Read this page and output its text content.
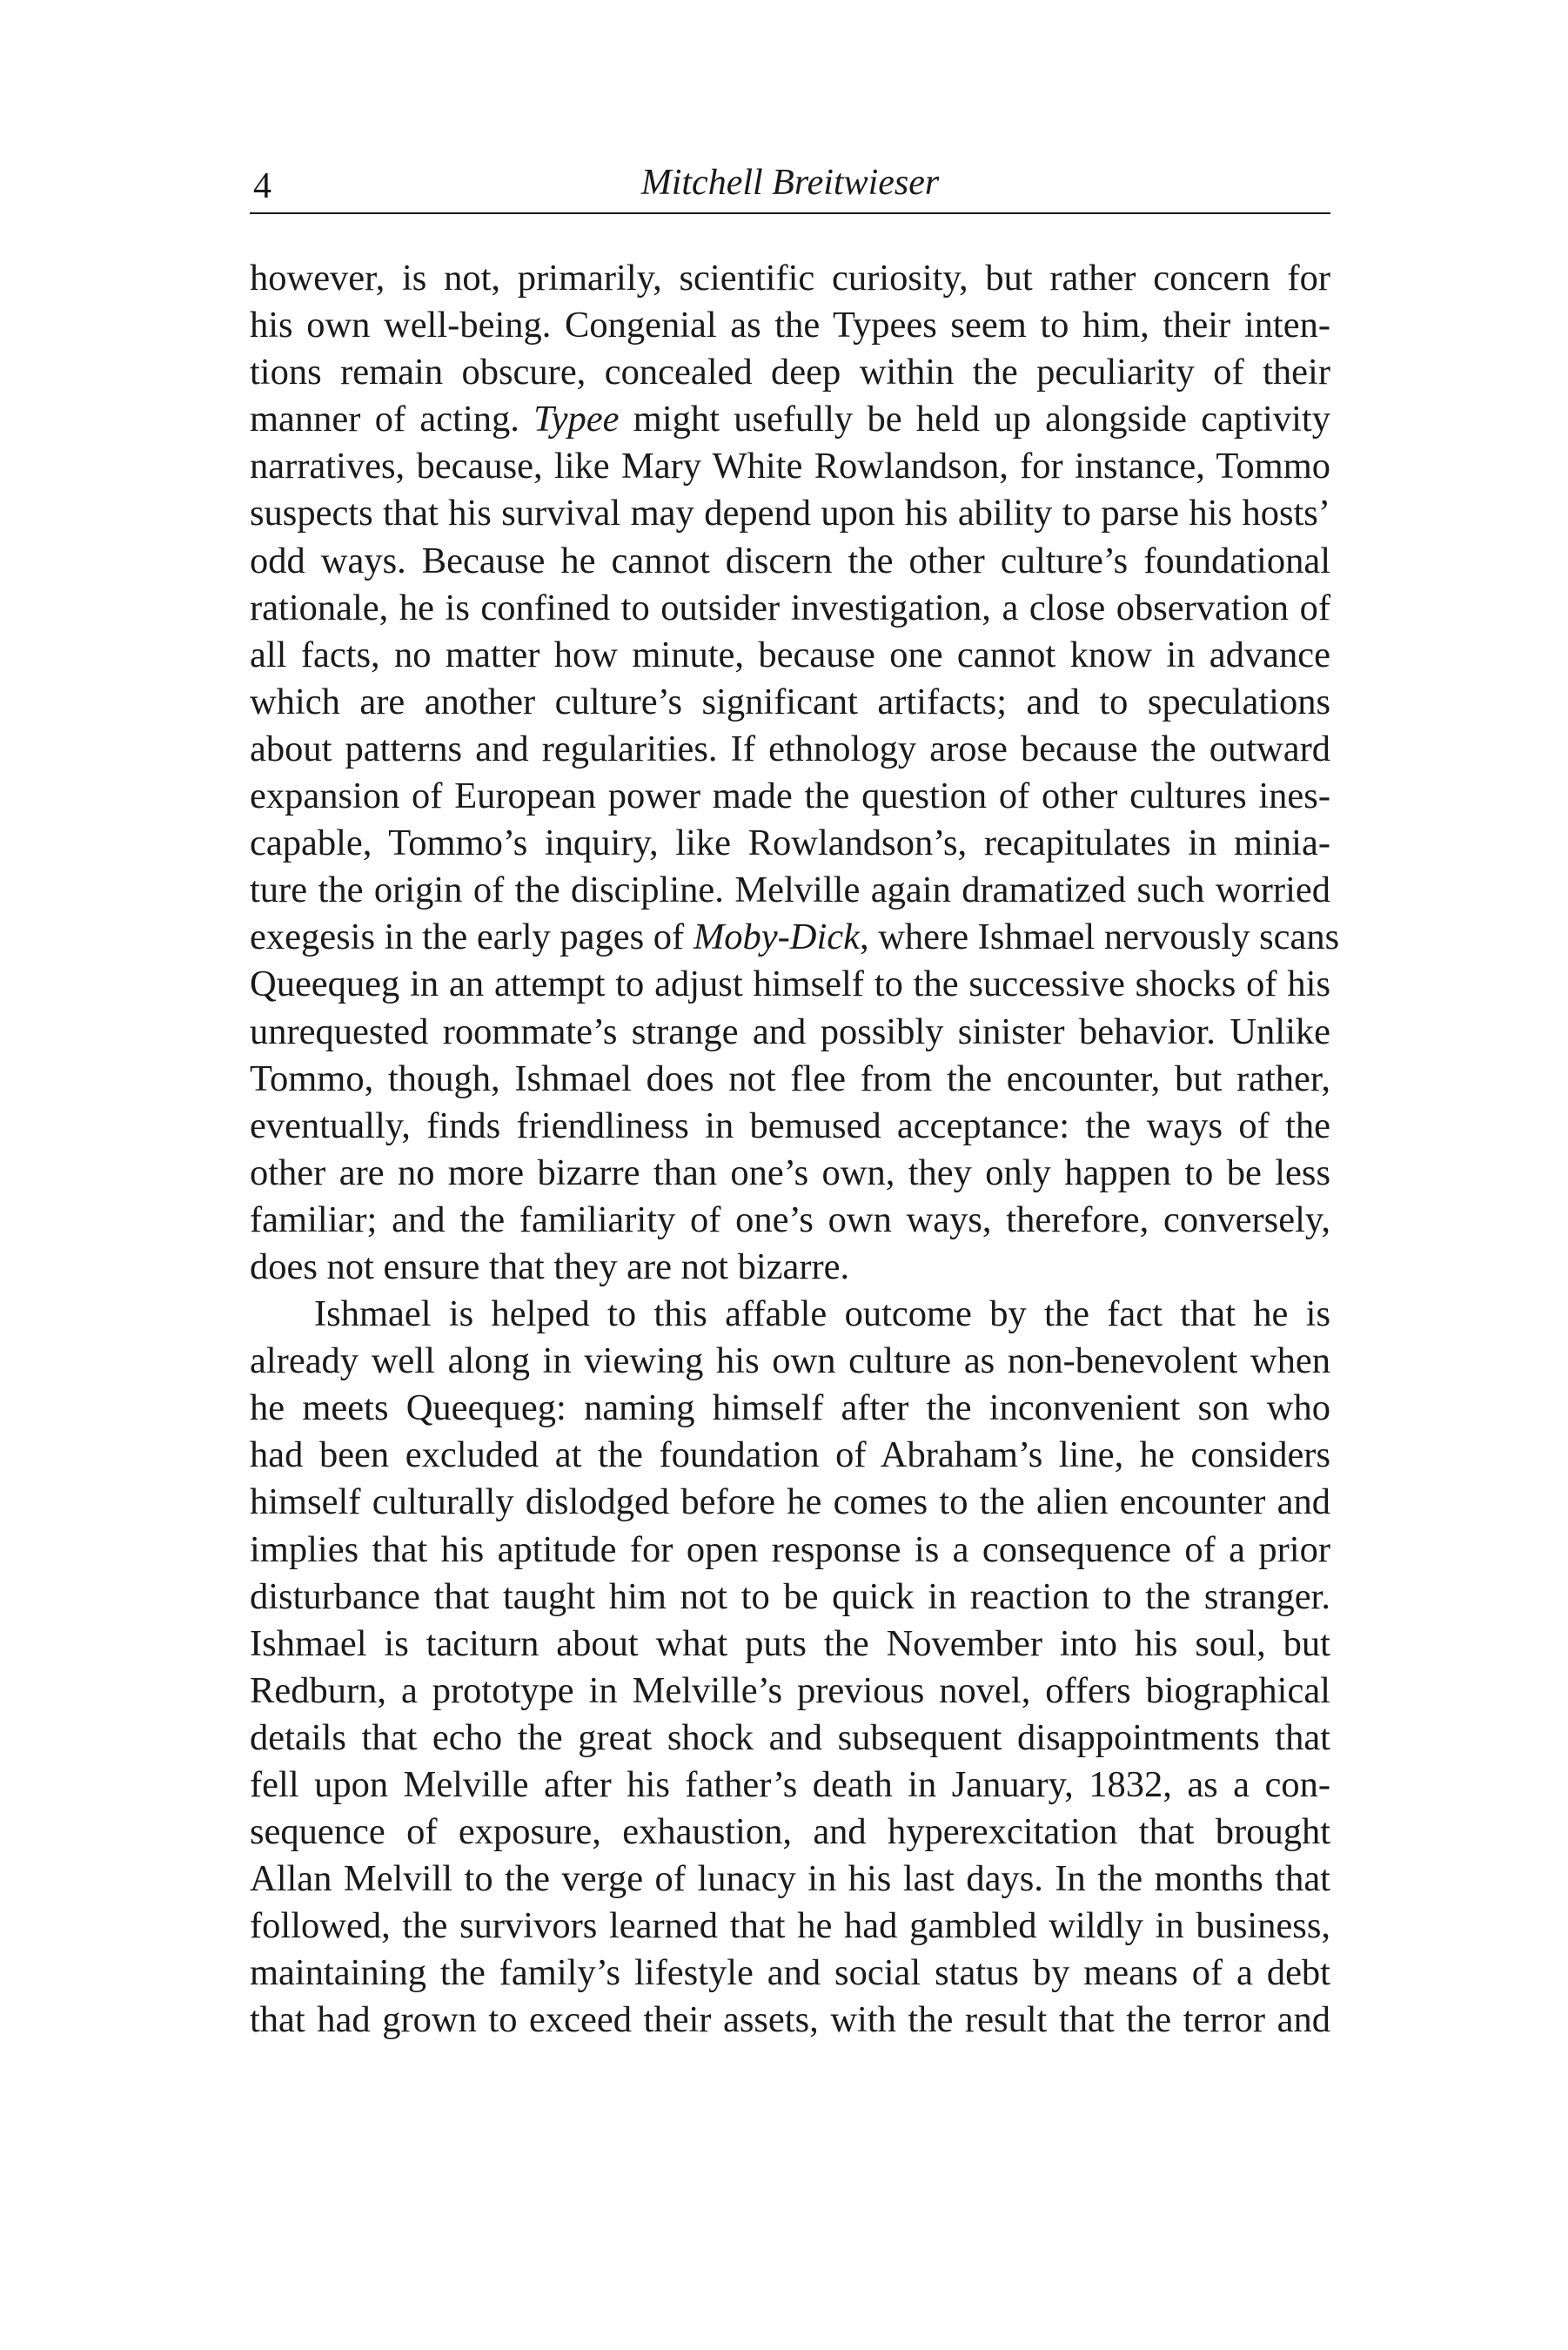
4	Mitchell Breitwieser

however, is not, primarily, scientific curiosity, but rather concern for
his own well-being. Congenial as the Typees seem to him, their inten-
tions remain obscure, concealed deep within the peculiarity of their
manner of acting. Typee might usefully be held up alongside captivity
narratives, because, like Mary White Rowlandson, for instance, Tommo
suspects that his survival may depend upon his ability to parse his hosts’
odd ways. Because he cannot discern the other culture’s foundational
rationale, he is confined to outsider investigation, a close observation of
all facts, no matter how minute, because one cannot know in advance
which are another culture’s significant artifacts; and to speculations
about patterns and regularities. If ethnology arose because the outward
expansion of European power made the question of other cultures ines-
capable, Tommo’s inquiry, like Rowlandson’s, recapitulates in minia-
ture the origin of the discipline. Melville again dramatized such worried
exegesis in the early pages of Moby-Dick, where Ishmael nervously scans
Queequeg in an attempt to adjust himself to the successive shocks of his
unrequested roommate’s strange and possibly sinister behavior. Unlike
Tommo, though, Ishmael does not flee from the encounter, but rather,
eventually, finds friendliness in bemused acceptance: the ways of the
other are no more bizarre than one’s own, they only happen to be less
familiar; and the familiarity of one’s own ways, therefore, conversely,
does not ensure that they are not bizarre.

Ishmael is helped to this affable outcome by the fact that he is
already well along in viewing his own culture as non-benevolent when
he meets Queequeg: naming himself after the inconvenient son who
had been excluded at the foundation of Abraham’s line, he considers
himself culturally dislodged before he comes to the alien encounter and
implies that his aptitude for open response is a consequence of a prior
disturbance that taught him not to be quick in reaction to the stranger.
Ishmael is taciturn about what puts the November into his soul, but
Redburn, a prototype in Melville’s previous novel, offers biographical
details that echo the great shock and subsequent disappointments that
fell upon Melville after his father’s death in January, 1832, as a con-
sequence of exposure, exhaustion, and hyperexcitation that brought
Allan Melvill to the verge of lunacy in his last days. In the months that
followed, the survivors learned that he had gambled wildly in business,
maintaining the family’s lifestyle and social status by means of a debt
that had grown to exceed their assets, with the result that the terror and
